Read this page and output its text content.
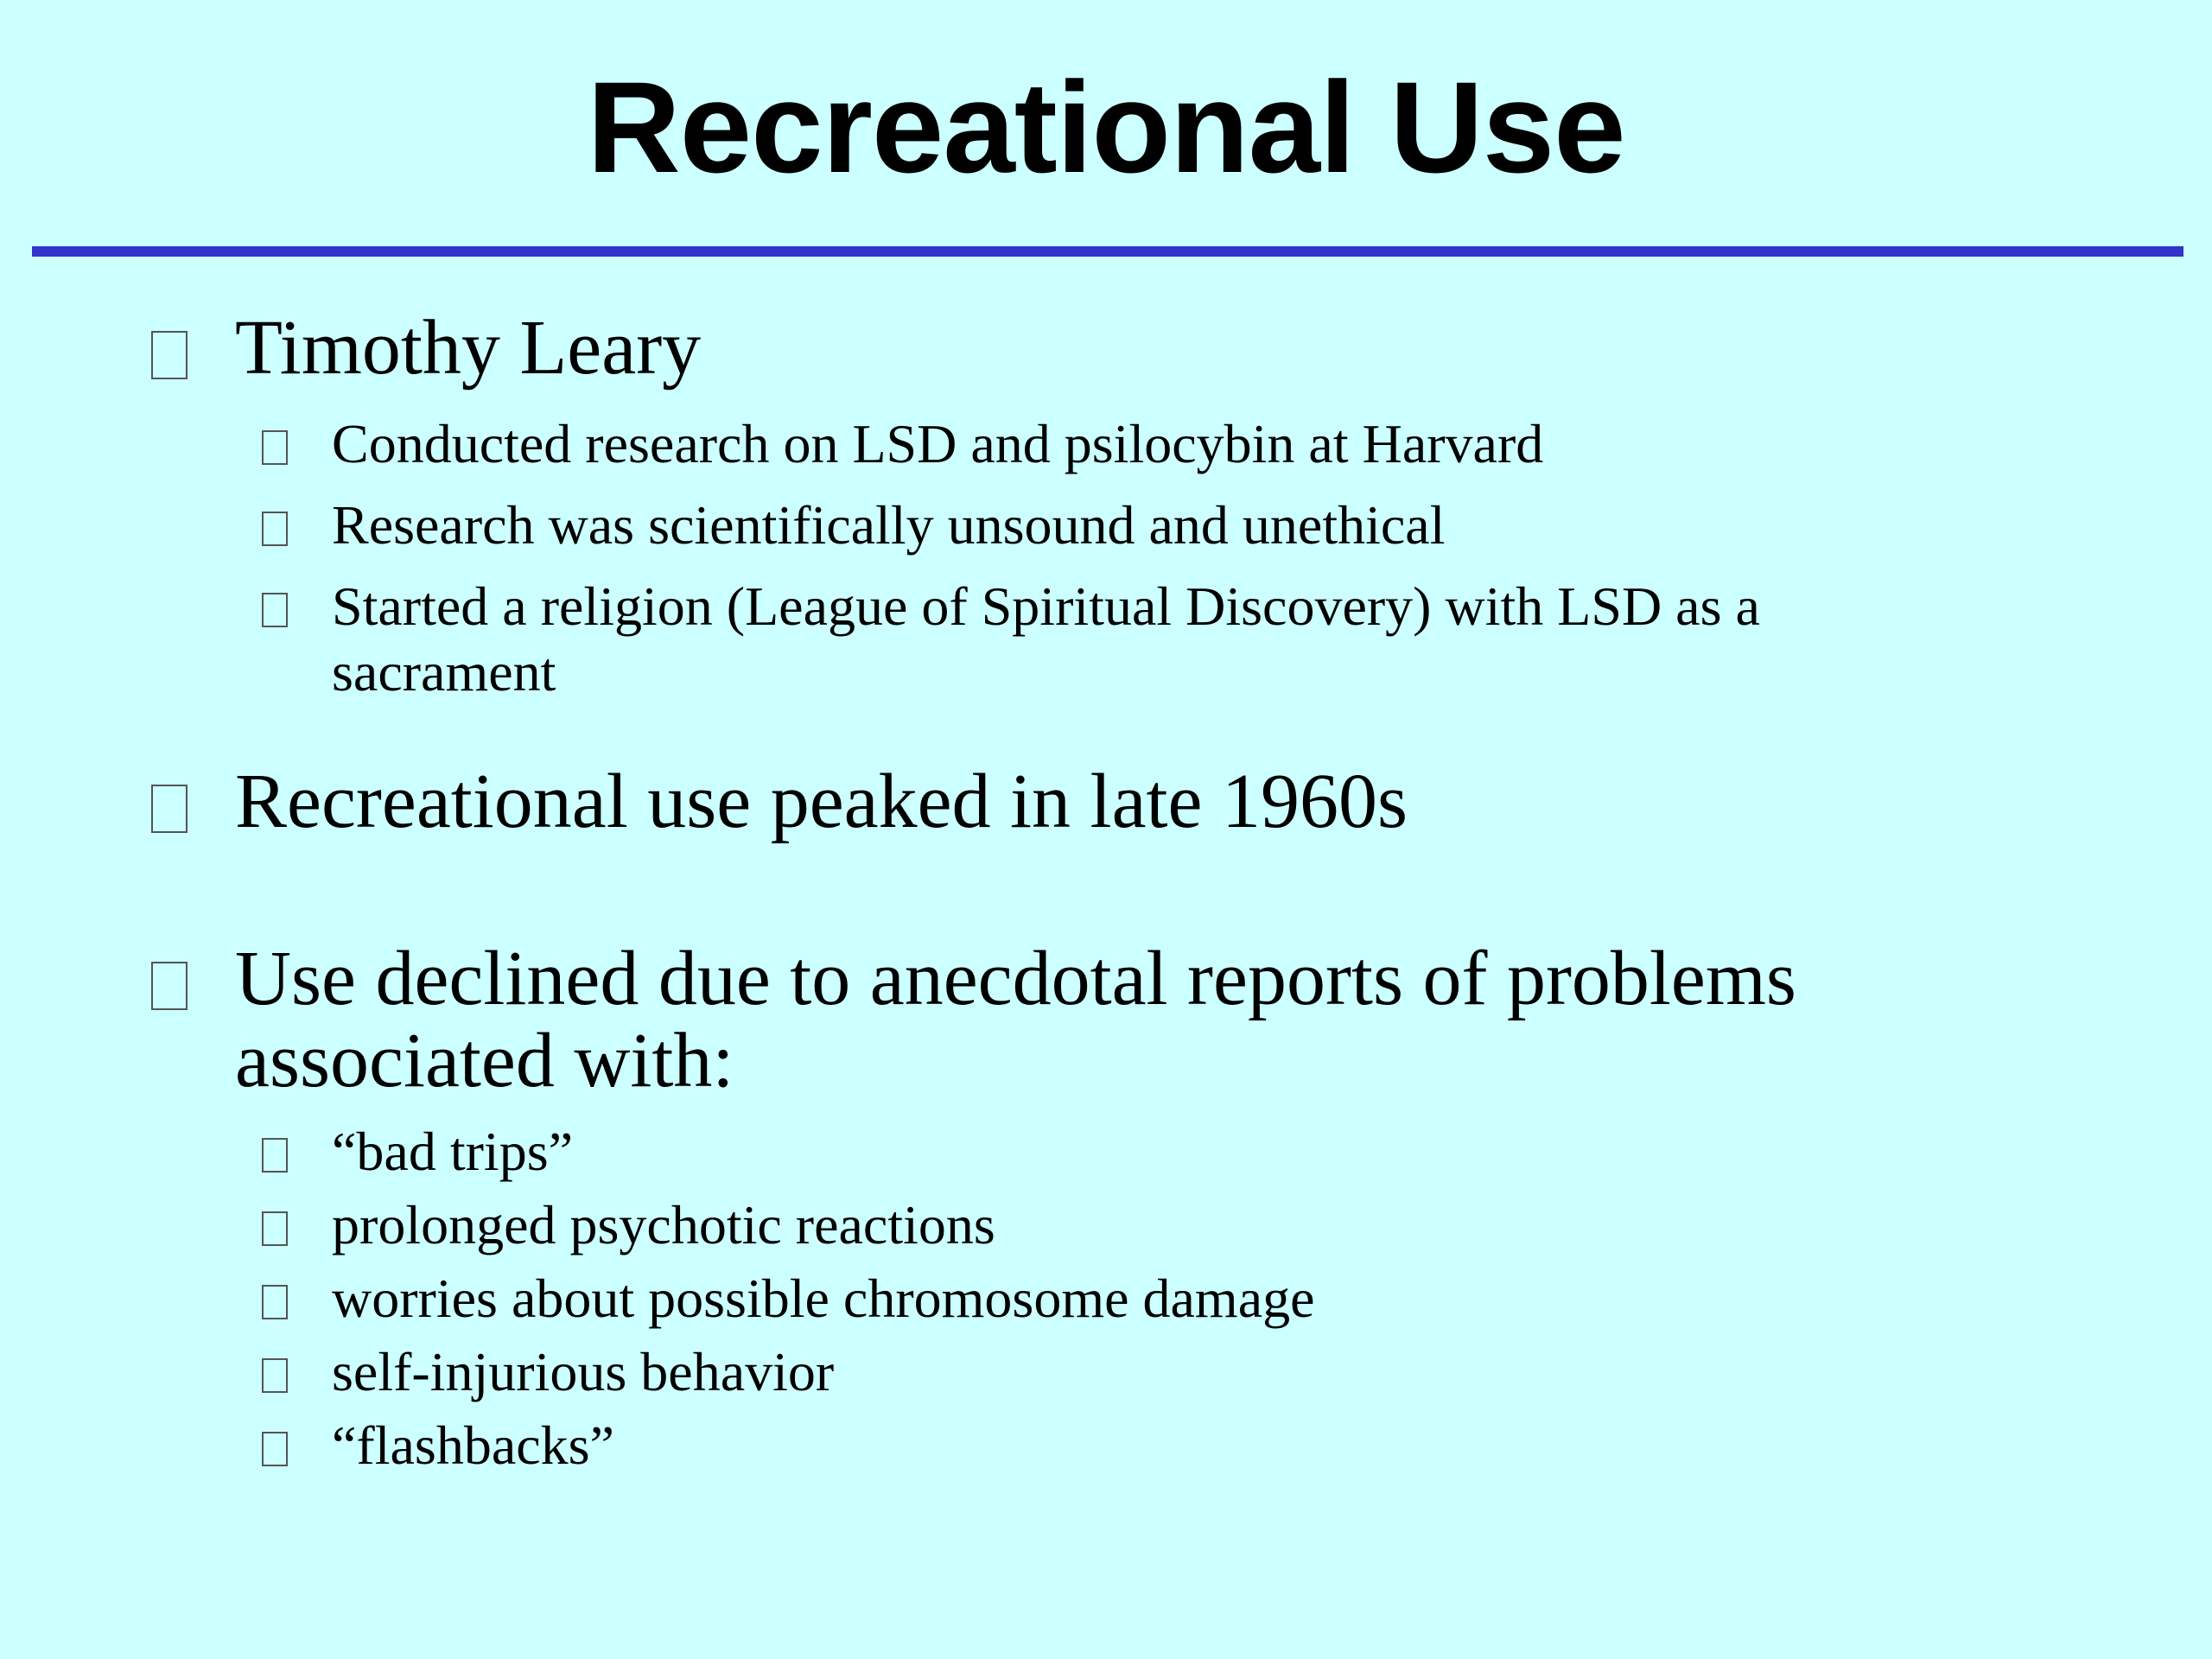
Recreational Use
Timothy Leary
Conducted research on LSD and psilocybin at Harvard
Research was scientifically unsound and unethical
Started a religion (League of Spiritual Discovery) with LSD as a
sacrament
Recreational use peaked in late 1960s
Use declined due to anecdotal reports of problems
associated with:
“bad trips”
prolonged psychotic reactions
worries about possible chromosome damage
self-injurious behavior
“flashbacks”
